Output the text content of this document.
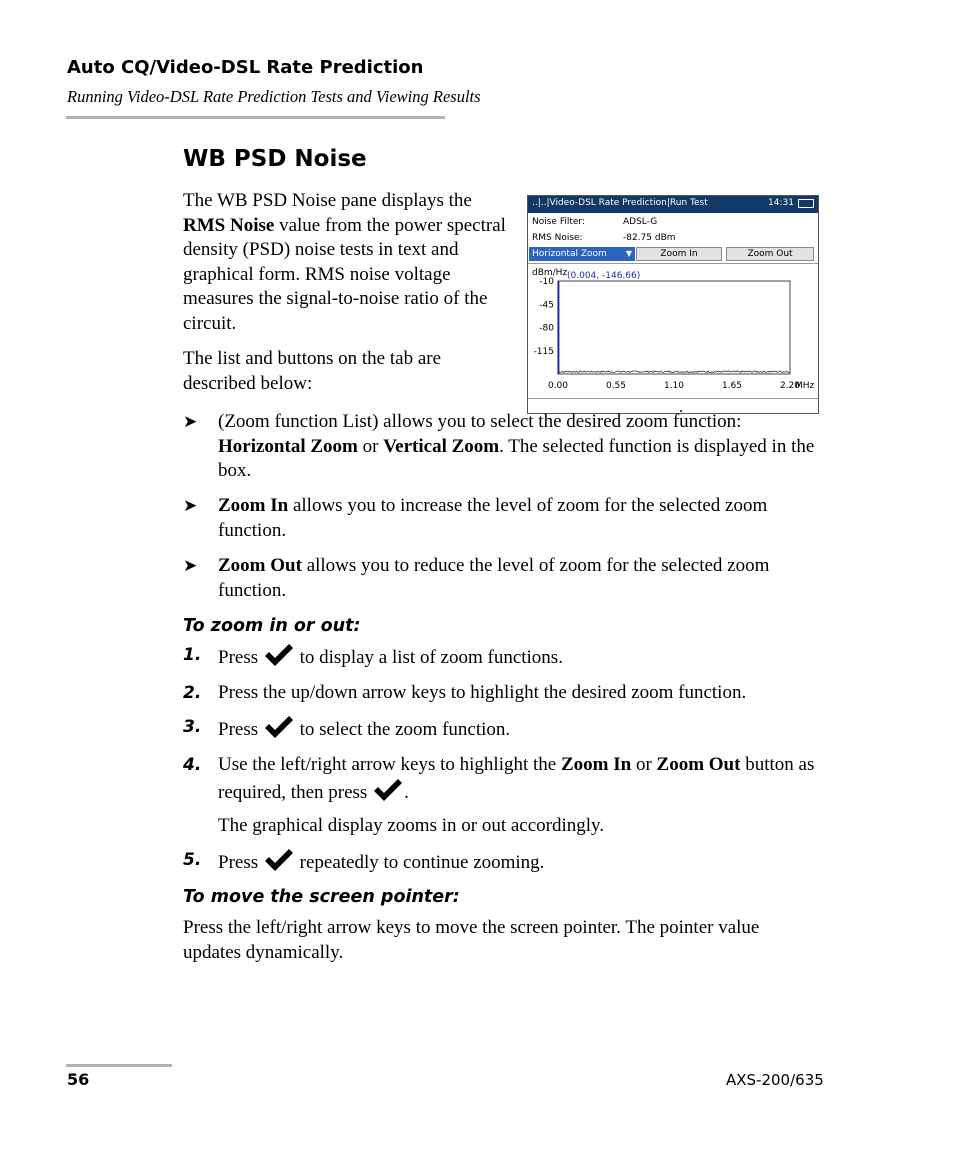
Auto CQ/Video-DSL Rate Prediction
Running Video-DSL Rate Prediction Tests and Viewing Results
WB PSD Noise
The WB PSD Noise pane displays the RMS Noise value from the power spectral density (PSD) noise tests in text and graphical form. RMS noise voltage measures the signal-to-noise ratio of the circuit.
The list and buttons on the tab are described below:
..|..|Video-DSL Rate Prediction|Run Test	14:31
Noise Filter:	ADSL-G
RMS Noise:	-82.75 dBm
Horizontal Zoom ▼	Zoom In	Zoom Out
dBm/Hz (0.004, -146.66)
-10
-45
-80
-115
0.00	0.55	1.10	1.65	2.20
MHz
➤ (Zoom function List) allows you to select the desired zoom function: Horizontal Zoom or Vertical Zoom. The selected function is displayed in the box.
➤ Zoom In allows you to increase the level of zoom for the selected zoom function.
➤ Zoom Out allows you to reduce the level of zoom for the selected zoom function.
To zoom in or out:
1. Press  to display a list of zoom functions.
2. Press the up/down arrow keys to highlight the desired zoom function.
3. Press  to select the zoom function.
4. Use the left/right arrow keys to highlight the Zoom In or Zoom Out button as required, then press .
The graphical display zooms in or out accordingly.
5. Press  repeatedly to continue zooming.
To move the screen pointer:
Press the left/right arrow keys to move the screen pointer. The pointer value updates dynamically.
56	AXS-200/635
